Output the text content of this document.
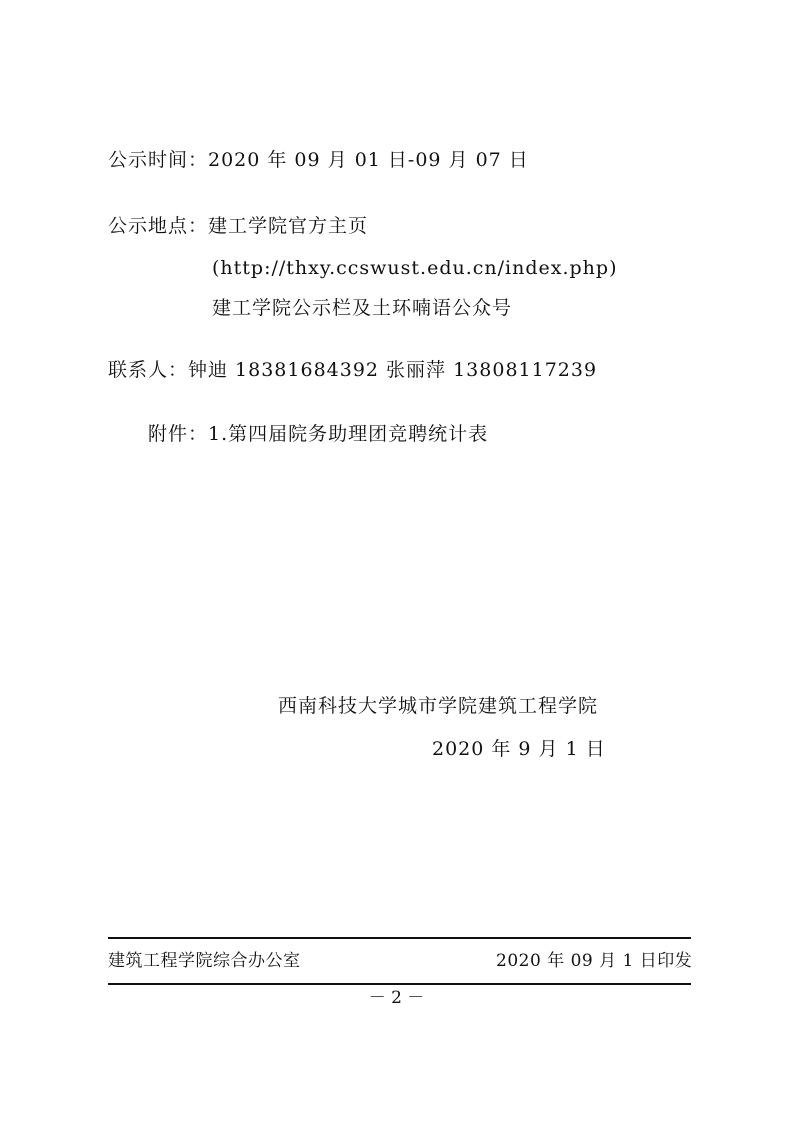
公示时间：2020 年 09 月 01 日-09 月 07 日
公示地点：建工学院官方主页
(http://thxy.ccswust.edu.cn/index.php)
建工学院公示栏及土环喃语公众号
联系人：钟迪 18381684392 张丽萍 13808117239
附件：1.第四届院务助理团竞聘统计表
西南科技大学城市学院建筑工程学院
2020 年 9 月 1 日
建筑工程学院综合办公室	2020 年 09 月 1 日印发
－ 2 －
